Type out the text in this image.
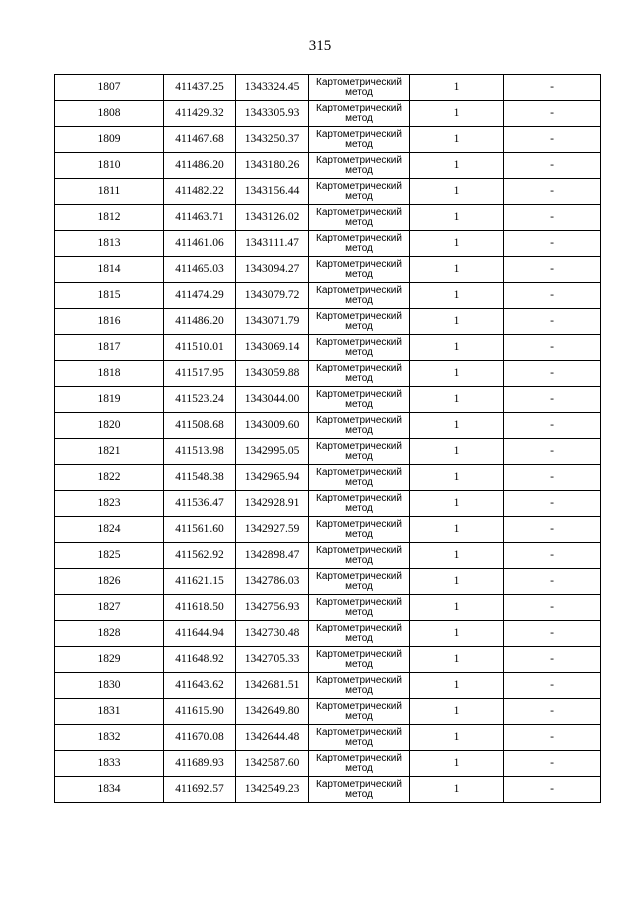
315
1807	411437.25	1343324.45	Картометрический метод	1	-
1808	411429.32	1343305.93	Картометрический метод	1	-
1809	411467.68	1343250.37	Картометрический метод	1	-
1810	411486.20	1343180.26	Картометрический метод	1	-
1811	411482.22	1343156.44	Картометрический метод	1	-
1812	411463.71	1343126.02	Картометрический метод	1	-
1813	411461.06	1343111.47	Картометрический метод	1	-
1814	411465.03	1343094.27	Картометрический метод	1	-
1815	411474.29	1343079.72	Картометрический метод	1	-
1816	411486.20	1343071.79	Картометрический метод	1	-
1817	411510.01	1343069.14	Картометрический метод	1	-
1818	411517.95	1343059.88	Картометрический метод	1	-
1819	411523.24	1343044.00	Картометрический метод	1	-
1820	411508.68	1343009.60	Картометрический метод	1	-
1821	411513.98	1342995.05	Картометрический метод	1	-
1822	411548.38	1342965.94	Картометрический метод	1	-
1823	411536.47	1342928.91	Картометрический метод	1	-
1824	411561.60	1342927.59	Картометрический метод	1	-
1825	411562.92	1342898.47	Картометрический метод	1	-
1826	411621.15	1342786.03	Картометрический метод	1	-
1827	411618.50	1342756.93	Картометрический метод	1	-
1828	411644.94	1342730.48	Картометрический метод	1	-
1829	411648.92	1342705.33	Картометрический метод	1	-
1830	411643.62	1342681.51	Картометрический метод	1	-
1831	411615.90	1342649.80	Картометрический метод	1	-
1832	411670.08	1342644.48	Картометрический метод	1	-
1833	411689.93	1342587.60	Картометрический метод	1	-
1834	411692.57	1342549.23	Картометрический метод	1	-
